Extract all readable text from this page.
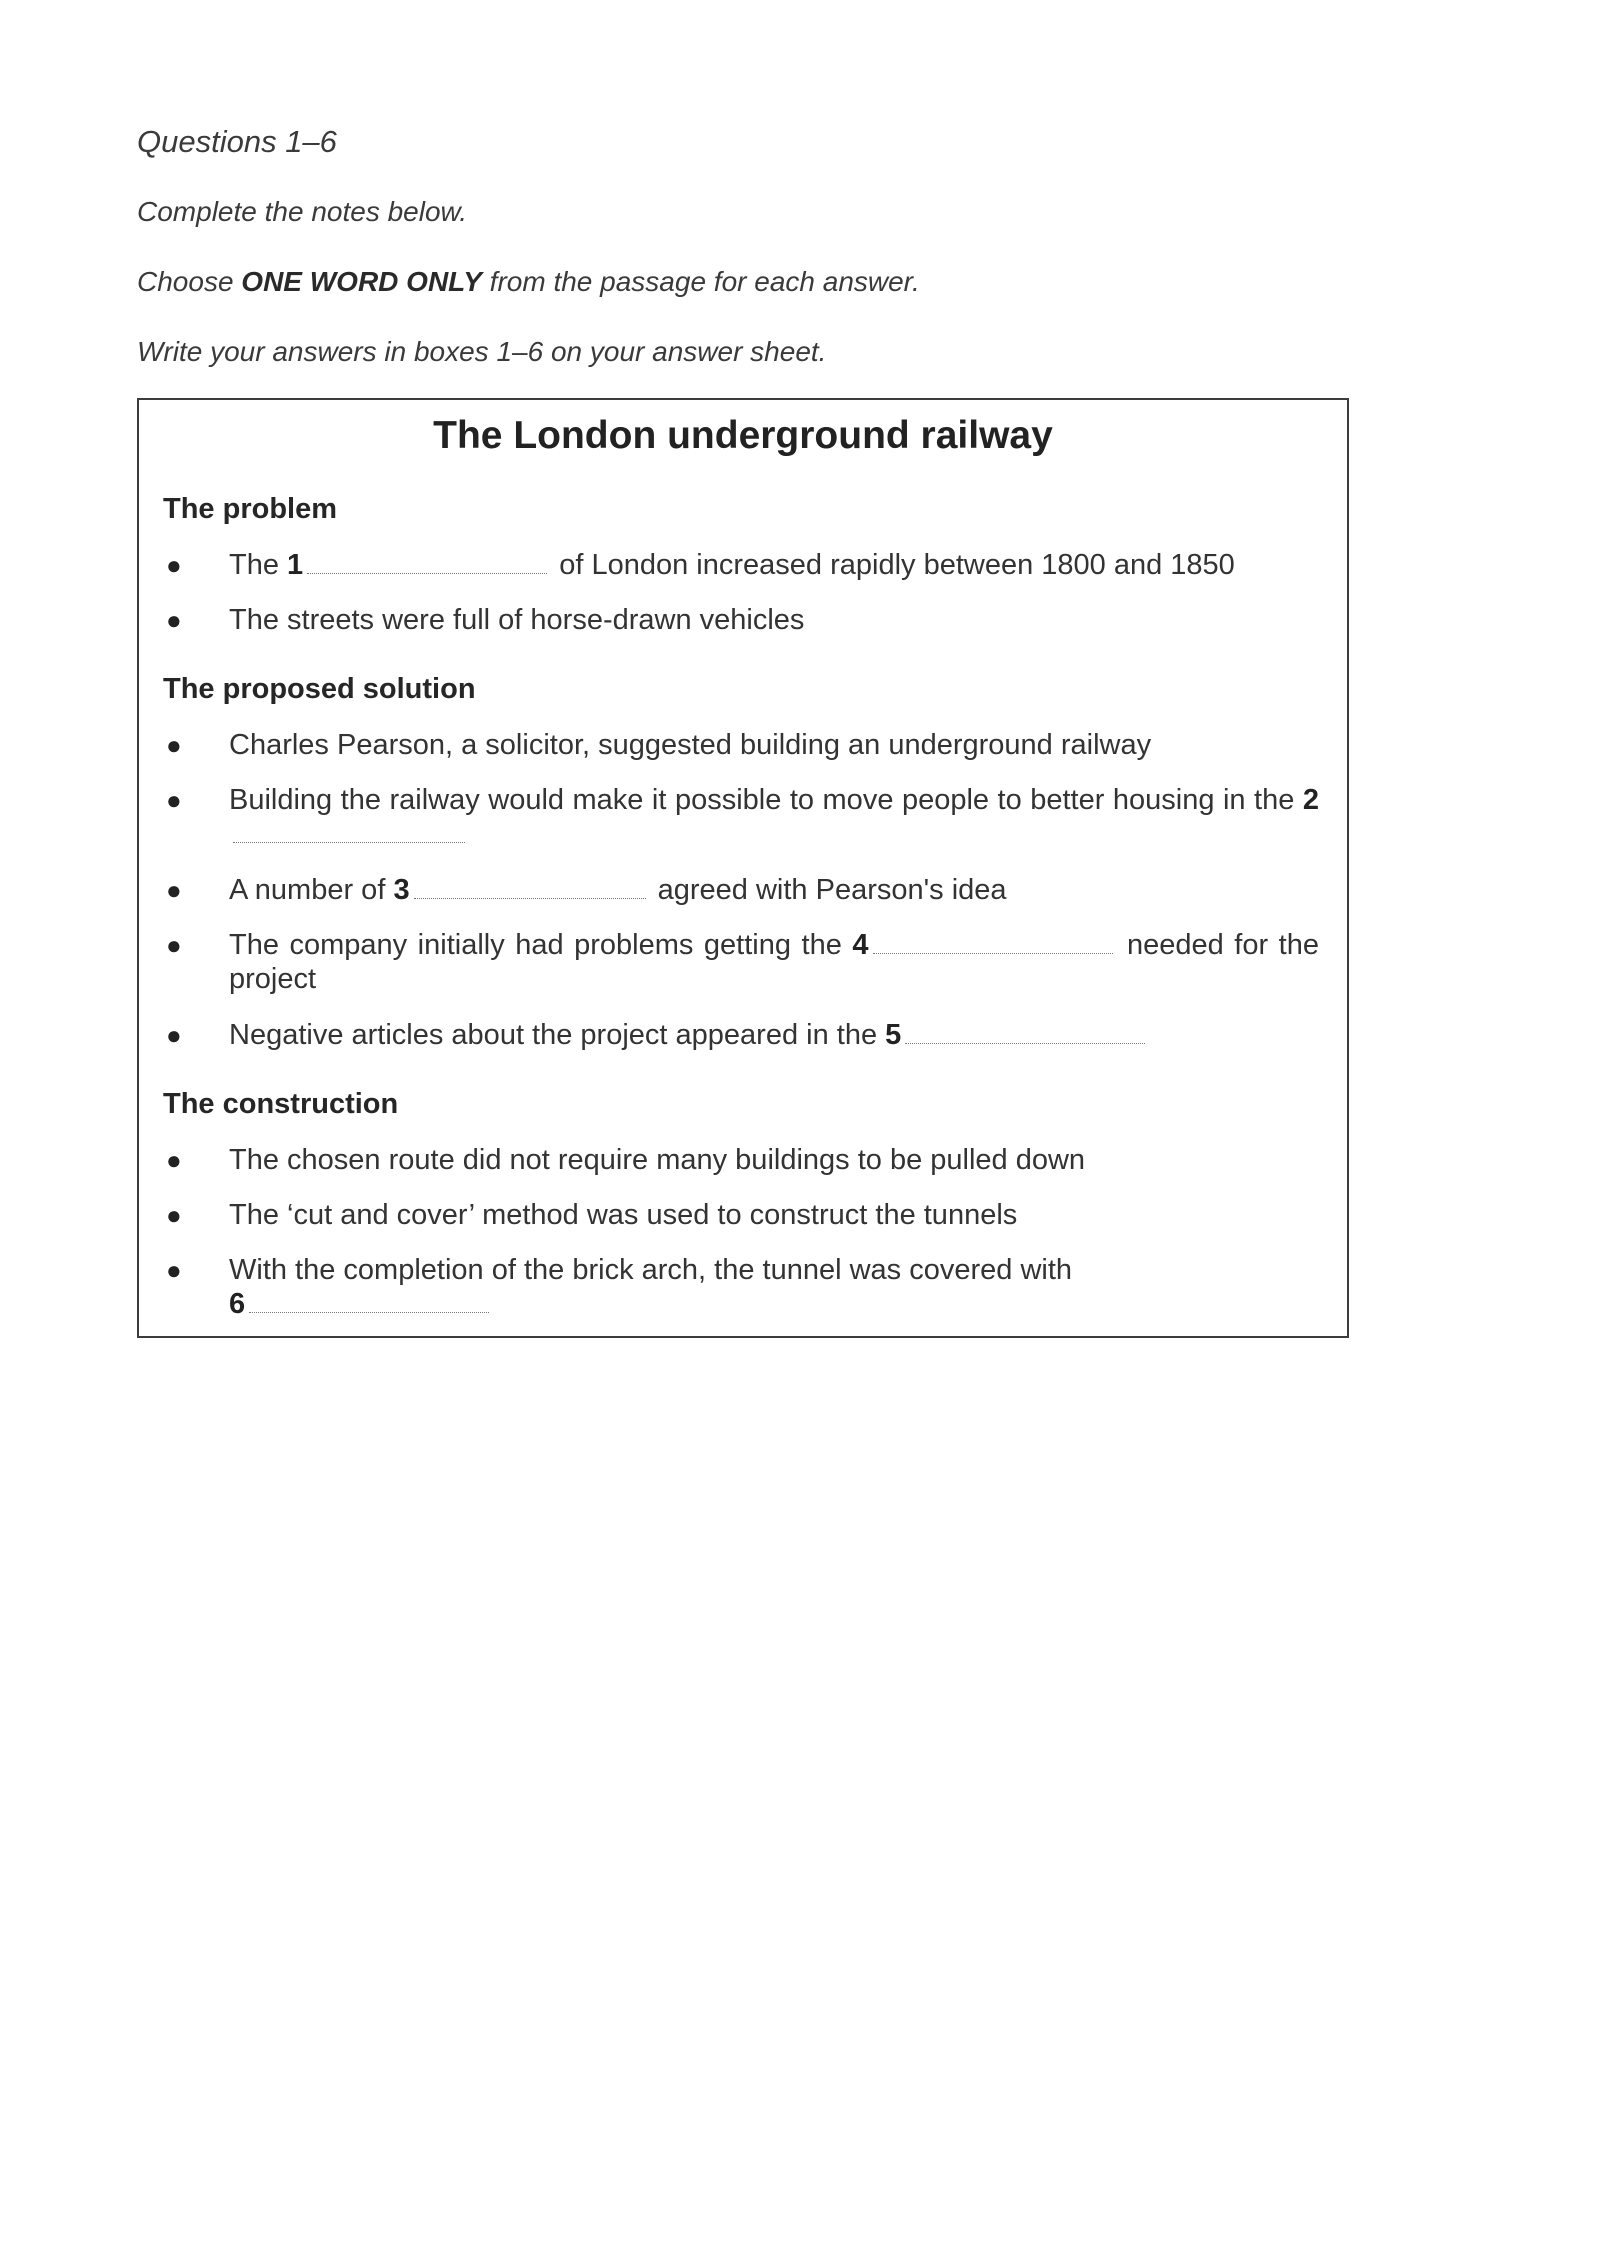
Questions 1–6

Complete the notes below.

Choose ONE WORD ONLY from the passage for each answer.

Write your answers in boxes 1–6 on your answer sheet.

The London underground railway
The problem
● The 1	of London increased rapidly between 1800 and 1850
● The streets were full of horse-drawn vehicles
The proposed solution
● Charles Pearson, a solicitor, suggested building an underground railway
● Building the railway would make it possible to move people to better housing in the 2
● A number of 3	agreed with Pearson's idea
● The company initially had problems getting the 4	needed for the project
● Negative articles about the project appeared in the 5
The construction
● The chosen route did not require many buildings to be pulled down
● The ‘cut and cover’ method was used to construct the tunnels
● With the completion of the brick arch, the tunnel was covered with
6
